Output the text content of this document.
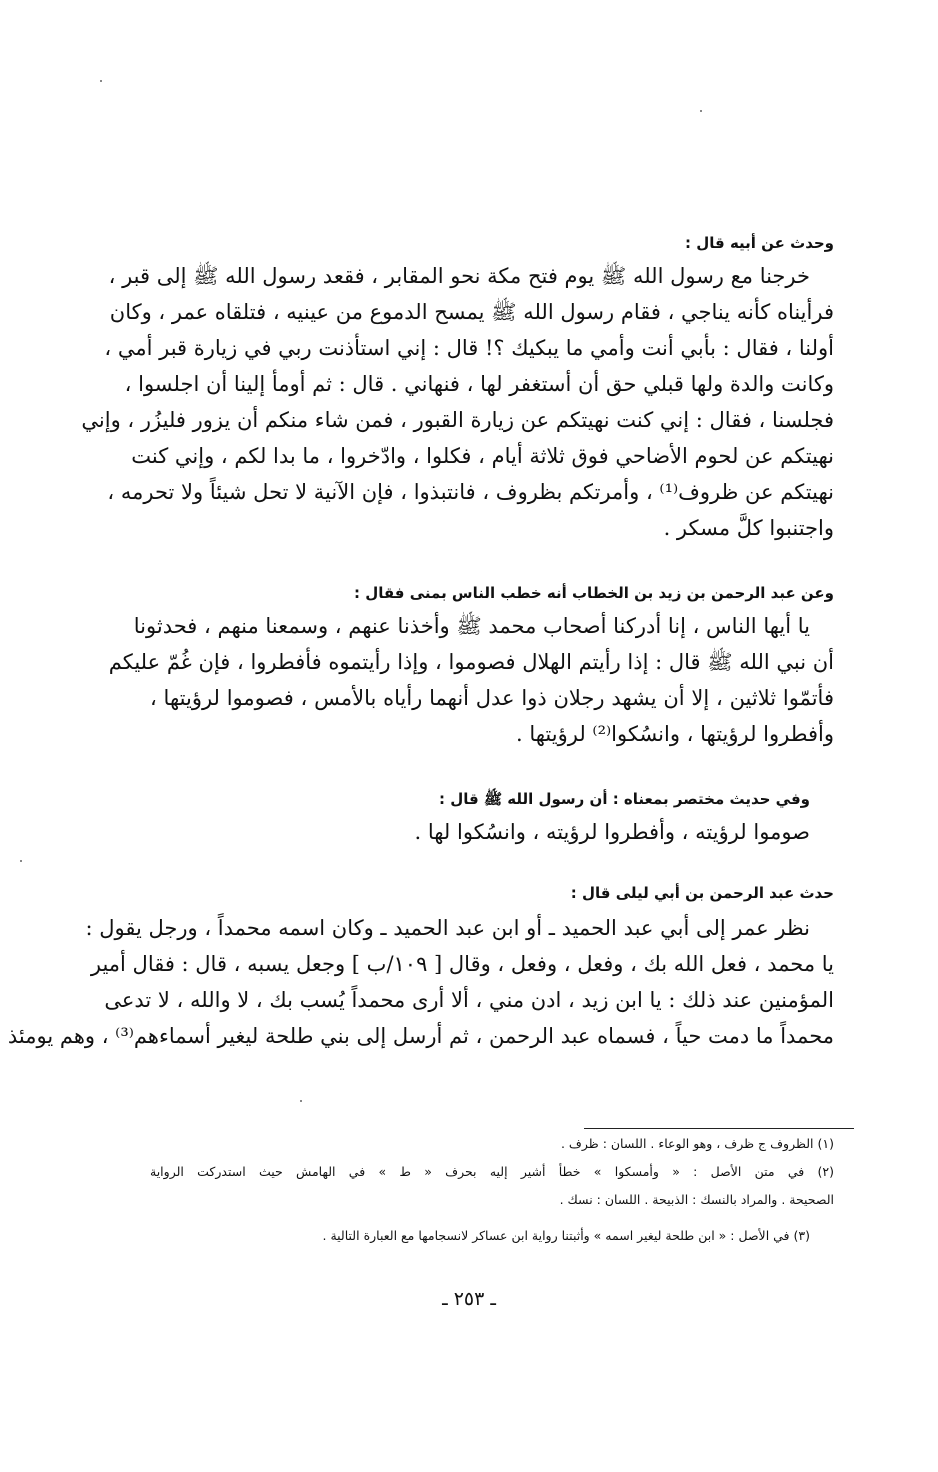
وحدث عن أبيه قال :
خرجنا مع رسول الله ﷺ يوم فتح مكة نحو المقابر ، فقعد رسول الله ﷺ إلى قبر ،
فرأيناه كأنه يناجي ، فقام رسول الله ﷺ يمسح الدموع من عينيه ، فتلقاه عمر ، وكان
أولنا ، فقال : بأبي أنت وأمي ما يبكيك ؟! قال : إني استأذنت ربي في زيارة قبر أمي ،
وكانت والدة ولها قبلي حق أن أستغفر لها ، فنهاني . قال : ثم أومأ إلينا أن اجلسوا ،
فجلسنا ، فقال : إني كنت نهيتكم عن زيارة القبور ، فمن شاء منكم أن يزور فليزُر ، وإني
نهيتكم عن لحوم الأضاحي فوق ثلاثة أيام ، فكلوا ، وادّخروا ، ما بدا لكم ، وإني كنت
نهيتكم عن ظروف⁽¹⁾ ، وأمرتكم بظروف ، فانتبذوا ، فإن الآنية لا تحل شيئاً ولا تحرمه ،
واجتنبوا كلَّ مسكر .
وعن عبد الرحمن بن زيد بن الخطاب أنه خطب الناس بمنى فقال :
يا أيها الناس ، إنا أدركنا أصحاب محمد ﷺ وأخذنا عنهم ، وسمعنا منهم ، فحدثونا
أن نبي الله ﷺ قال : إذا رأيتم الهلال فصوموا ، وإذا رأيتموه فأفطروا ، فإن غُمّ عليكم
فأتمّوا ثلاثين ، إلا أن يشهد رجلان ذوا عدل أنهما رأياه بالأمس ، فصوموا لرؤيتها ،
وأفطروا لرؤيتها ، وانسُكوا⁽²⁾ لرؤيتها .
وفي حديث مختصر بمعناه : أن رسول الله ﷺ قال :
صوموا لرؤيته ، وأفطروا لرؤيته ، وانسُكوا لها .
حدث عبد الرحمن بن أبي ليلى قال :
نظر عمر إلى أبي عبد الحميد ـ أو ابن عبد الحميد ـ وكان اسمه محمداً ، ورجل يقول :
يا محمد ، فعل الله بك ، وفعل ، وفعل ، وقال [ ١٠٩/ب ] وجعل يسبه ، قال : فقال أمير
المؤمنين عند ذلك : يا ابن زيد ، ادن مني ، ألا أرى محمداً يُسب بك ، لا والله ، لا تدعى
محمداً ما دمت حياً ، فسماه عبد الرحمن ، ثم أرسل إلى بني طلحة ليغير أسماءهم⁽³⁾ ، وهم يومئذ
(١) الظروف ج ظرف ، وهو الوعاء . اللسان : ظرف .
(٢) في متن الأصل : « وأمسكوا » خطأ أشير إليه بحرف « ط » في الهامش حيث استدركت الرواية
الصحيحة . والمراد بالنسك : الذبيحة . اللسان : نسك .
(٣) في الأصل : « ابن طلحة ليغير اسمه » وأثبتنا رواية ابن عساكر لانسجامها مع العبارة التالية .
ـ ٢٥٣ ـ
